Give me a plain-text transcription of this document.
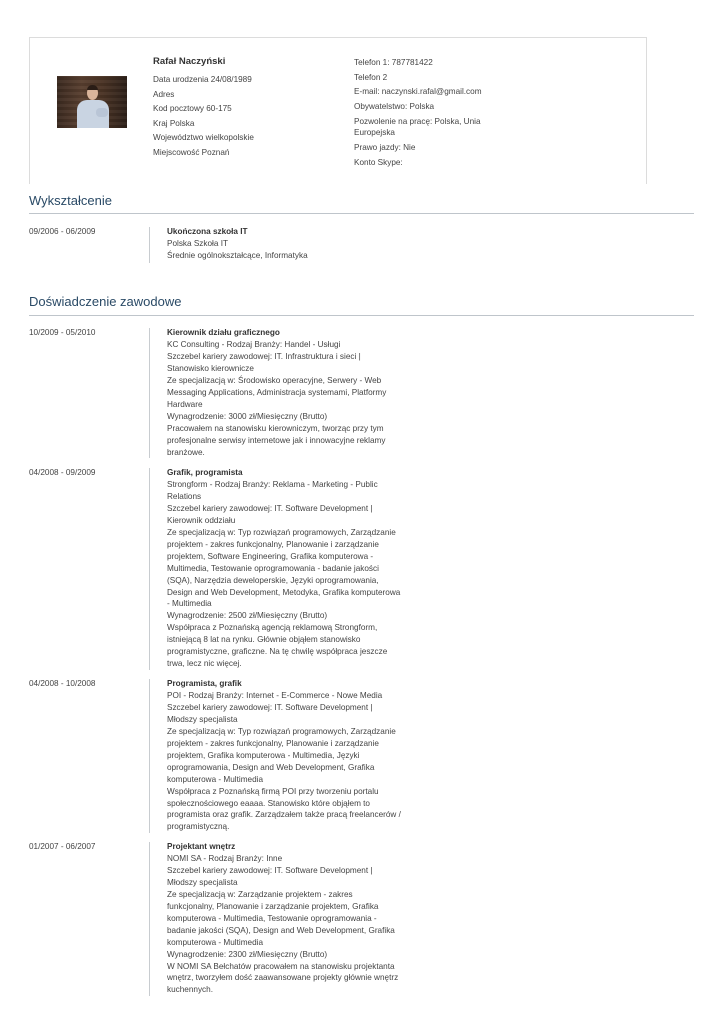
Rafał Naczyński
Data urodzenia 24/08/1989
Adres
Kod pocztowy 60-175
Kraj Polska
Województwo wielkopolskie
Miejscowość Poznań
Telefon 1: 787781422
Telefon 2
E-mail: naczynski.rafal@gmail.com
Obywatelstwo: Polska
Pozwolenie na pracę: Polska, Unia Europejska
Prawo jazdy: Nie
Konto Skype:
Wykształcenie
09/2006 - 06/2009	Ukończona szkoła IT
Polska Szkoła IT
Średnie ogólnokształcące, Informatyka
Doświadczenie zawodowe
10/2009 - 05/2010	Kierownik działu graficznego
KC Consulting - Rodzaj Branży: Handel - Usługi
Szczebel kariery zawodowej: IT. Infrastruktura i sieci |
Stanowisko kierownicze
Ze specjalizacją w: Środowisko operacyjne, Serwery - Web
Messaging Applications, Administracja systemami, Platformy
Hardware
Wynagrodzenie: 3000 zł/Miesięczny (Brutto)
Pracowałem na stanowisku kierowniczym, tworząc przy tym
profesjonalne serwisy internetowe jak i innowacyjne reklamy
branżowe.
04/2008 - 09/2009	Grafik, programista
Strongform - Rodzaj Branży: Reklama - Marketing - Public
Relations
Szczebel kariery zawodowej: IT. Software Development |
Kierownik oddziału
Ze specjalizacją w: Typ rozwiązań programowych, Zarządzanie
projektem - zakres funkcjonalny, Planowanie i zarządzanie
projektem, Software Engineering, Grafika komputerowa -
Multimedia, Testowanie oprogramowania - badanie jakości
(SQA), Narzędzia deweloperskie, Języki oprogramowania,
Design and Web Development, Metodyka, Grafika komputerowa
- Multimedia
Wynagrodzenie: 2500 zł/Miesięczny (Brutto)
Współpraca z Poznańską agencją reklamową Strongform,
istniejącą 8 lat na rynku. Głównie objąłem stanowisko
programistyczne, graficzne. Na tę chwilę współpraca jeszcze
trwa, lecz nic więcej.
04/2008 - 10/2008	Programista, grafik
POI - Rodzaj Branży: Internet - E-Commerce - Nowe Media
Szczebel kariery zawodowej: IT. Software Development |
Młodszy specjalista
Ze specjalizacją w: Typ rozwiązań programowych, Zarządzanie
projektem - zakres funkcjonalny, Planowanie i zarządzanie
projektem, Grafika komputerowa - Multimedia, Języki
oprogramowania, Design and Web Development, Grafika
komputerowa - Multimedia
Współpraca z Poznańską firmą POI przy tworzeniu portalu
społecznościowego eaaaa. Stanowisko które objąłem to
programista oraz grafik. Zarządzałem także pracą freelancerów /
programistyczną.
01/2007 - 06/2007	Projektant wnętrz
NOMI SA - Rodzaj Branży: Inne
Szczebel kariery zawodowej: IT. Software Development |
Młodszy specjalista
Ze specjalizacją w: Zarządzanie projektem - zakres
funkcjonalny, Planowanie i zarządzanie projektem, Grafika
komputerowa - Multimedia, Testowanie oprogramowania -
badanie jakości (SQA), Design and Web Development, Grafika
komputerowa - Multimedia
Wynagrodzenie: 2300 zł/Miesięczny (Brutto)
W NOMI SA Bełchatów pracowałem na stanowisku projektanta
wnętrz, tworzyłem dość zaawansowane projekty głównie wnętrz
kuchennych.
